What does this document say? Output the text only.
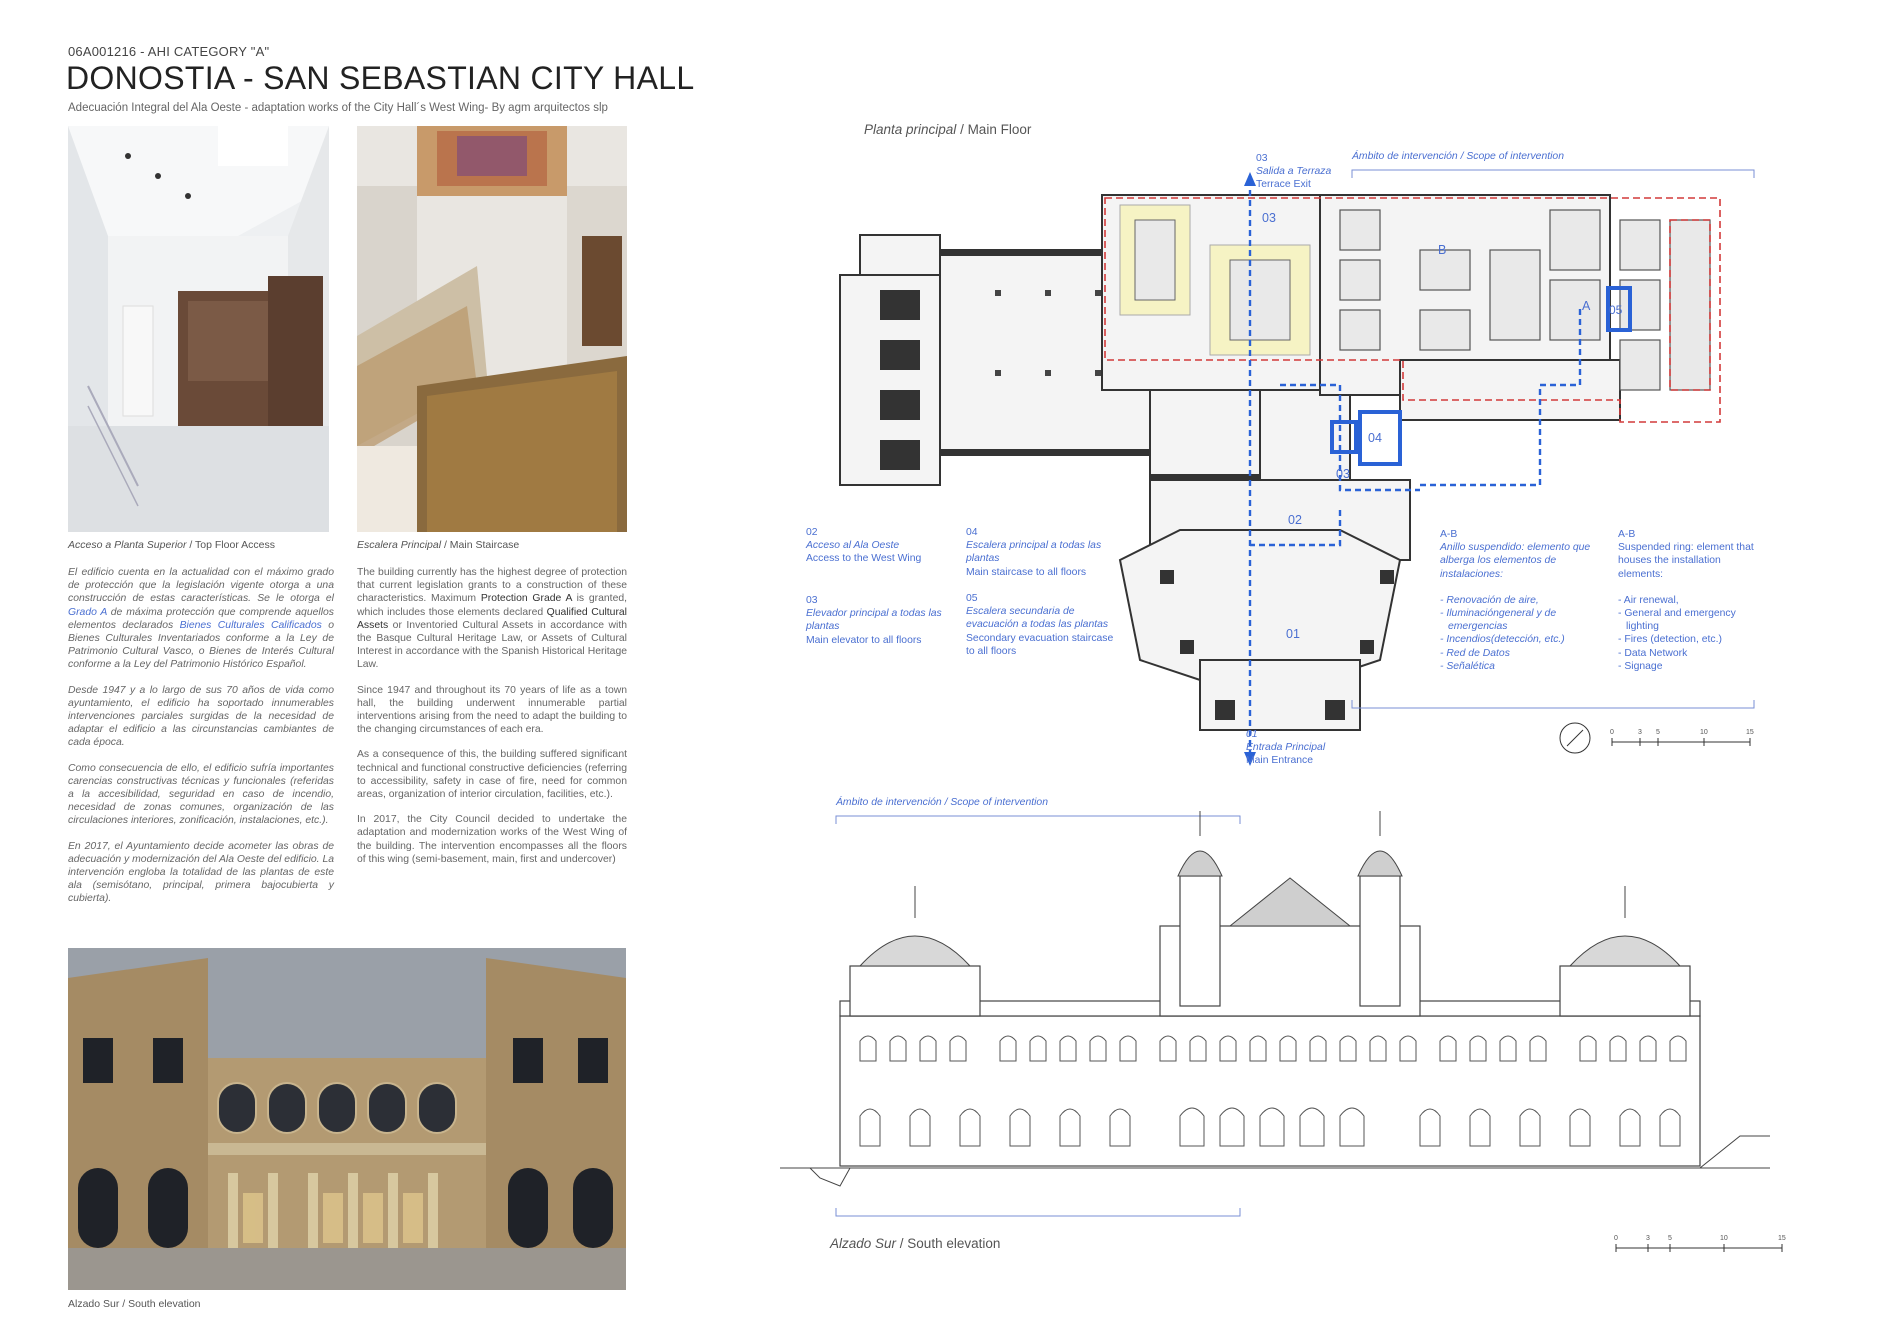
06A001216 - AHI CATEGORY "A"
DONOSTIA - SAN SEBASTIAN CITY HALL
Adecuación Integral del Ala Oeste - adaptation works of the City Hall´s West Wing- By agm arquitectos slp
Acceso a Planta Superior / Top Floor Access	Escalera Principal / Main Staircase

El edificio cuenta en la actualidad con el máximo grado de protección que la legislación vigente otorga a una construcción de estas características. Se le otorga el Grado A de máxima protección que comprende aquellos elementos declarados Bienes Culturales Calificados o Bienes Culturales Inventariados conforme a la Ley de Patrimonio Cultural Vasco, o Bienes de Interés Cultural conforme a la Ley del Patrimonio Histórico Español.

Desde 1947 y a lo largo de sus 70 años de vida como ayuntamiento, el edificio ha soportado innumerables intervenciones parciales surgidas de la necesidad de adaptar el edificio a las circunstancias cambiantes de cada época.

Como consecuencia de ello, el edificio sufría importantes carencias constructivas técnicas y funcionales (referidas a la accesibilidad, seguridad en caso de incendio, necesidad de zonas comunes, organización de las circulaciones interiores, zonificación, instalaciones, etc.).

En 2017, el Ayuntamiento decide acometer las obras de adecuación y modernización del Ala Oeste del edificio. La intervención engloba la totalidad de las plantas de este ala (semisótano, principal, primera bajocubierta y cubierta).

The building currently has the highest degree of protection that current legislation grants to a construction of these characteristics. Maximum Protection Grade A is granted, which includes those elements declared Qualified Cultural Assets or Inventoried Cultural Assets in accordance with the Basque Cultural Heritage Law, or Assets of Cultural Interest in accordance with the Spanish Historical Heritage Law.

Since 1947 and throughout its 70 years of life as a town hall, the building underwent innumerable partial interventions arising from the need to adapt the building to the changing circumstances of each era.

As a consequence of this, the building suffered significant technical and functional constructive deficiencies (referring to accessibility, safety in case of fire, need for common areas, organization of interior circulation, facilities, etc.).

In 2017, the City Council decided to undertake the adaptation and modernization works of the West Wing of the building. The intervention encompasses all the floors of this wing (semi-basement, main, first and undercover)

Alzado Sur / South elevation
Planta principal / Main Floor
03
Salida a Terraza
Terrace Exit
Ámbito de intervención / Scope of intervention
03
03
04
05
02
01
A
B
0	3 5	10	15
02
Acceso al Ala Oeste
Access to the West Wing
03
Elevador principal a todas las
plantas
Main elevator to all floors
04
Escalera principal a todas las
plantas
Main staircase to all floors
05
Escalera secundaria de
evacuación a todas las plantas
Secondary evacuation staircase
to all floors
A-B
Anillo suspendido: elemento que
alberga los elementos de
instalaciones:
- Renovación de aire,
- Iluminacióngeneral y de
emergencias
- Incendios(detección, etc.)
- Red de Datos
- Señalética
A-B
Suspended ring: element that
houses the installation
elements:
- Air renewal,
- General and emergency
lighting
- Fires (detection, etc.)
- Data Network
- Signage
01
Entrada Principal
Main Entrance
Ámbito de intervención / Scope of intervention
0	3	5	10	15
Alzado Sur / South elevation
